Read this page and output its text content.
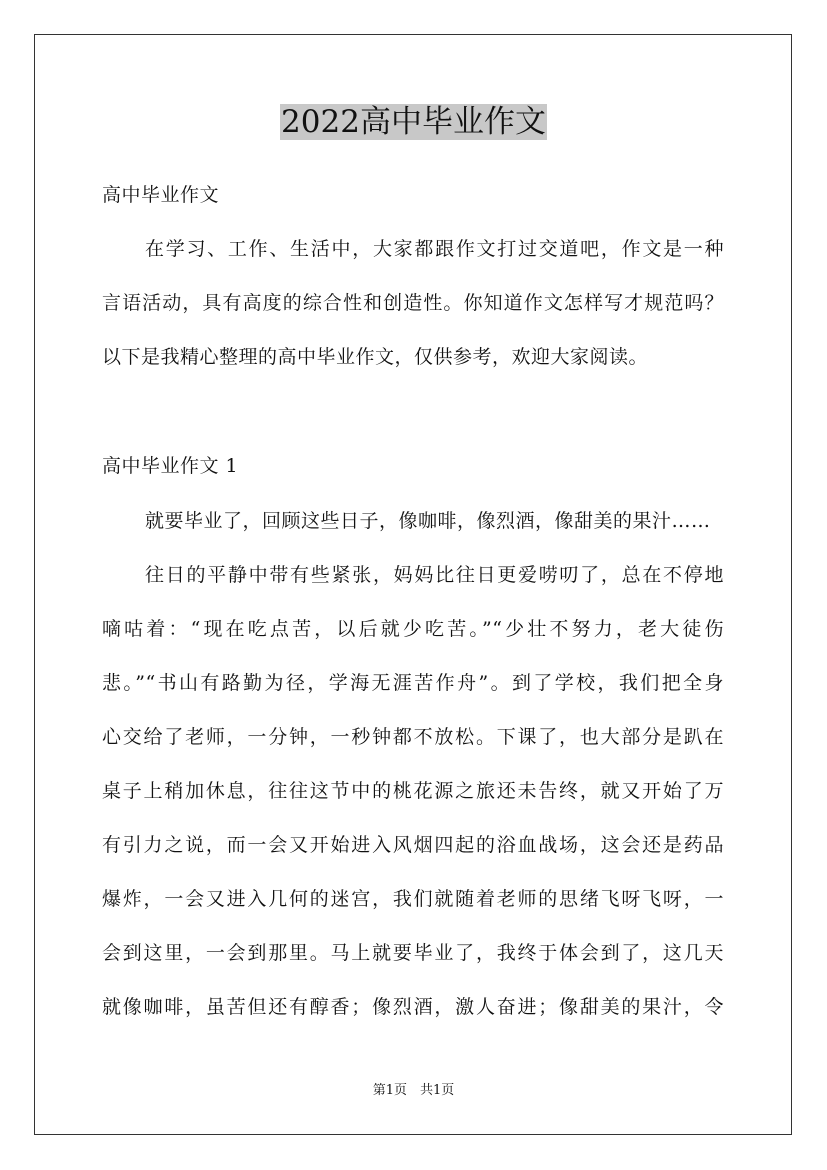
2022高中毕业作文
高中毕业作文
在学习、工作、生活中，大家都跟作文打过交道吧，作文是一种
言语活动，具有高度的综合性和创造性。你知道作文怎样写才规范吗？
以下是我精心整理的高中毕业作文，仅供参考，欢迎大家阅读。
高中毕业作文 1
就要毕业了，回顾这些日子，像咖啡，像烈酒，像甜美的果汁……
往日的平静中带有些紧张，妈妈比往日更爱唠叨了，总在不停地
嘀咕着：“现在吃点苦，以后就少吃苦。”“少壮不努力，老大徒伤
悲。”“书山有路勤为径，学海无涯苦作舟”。到了学校，我们把全身
心交给了老师，一分钟，一秒钟都不放松。下课了，也大部分是趴在
桌子上稍加休息，往往这节中的桃花源之旅还未告终，就又开始了万
有引力之说，而一会又开始进入风烟四起的浴血战场，这会还是药品
爆炸，一会又进入几何的迷宫，我们就随着老师的思绪飞呀飞呀，一
会到这里，一会到那里。马上就要毕业了，我终于体会到了，这几天
就像咖啡，虽苦但还有醇香；像烈酒，激人奋进；像甜美的果汁，令
第1页　共1页
